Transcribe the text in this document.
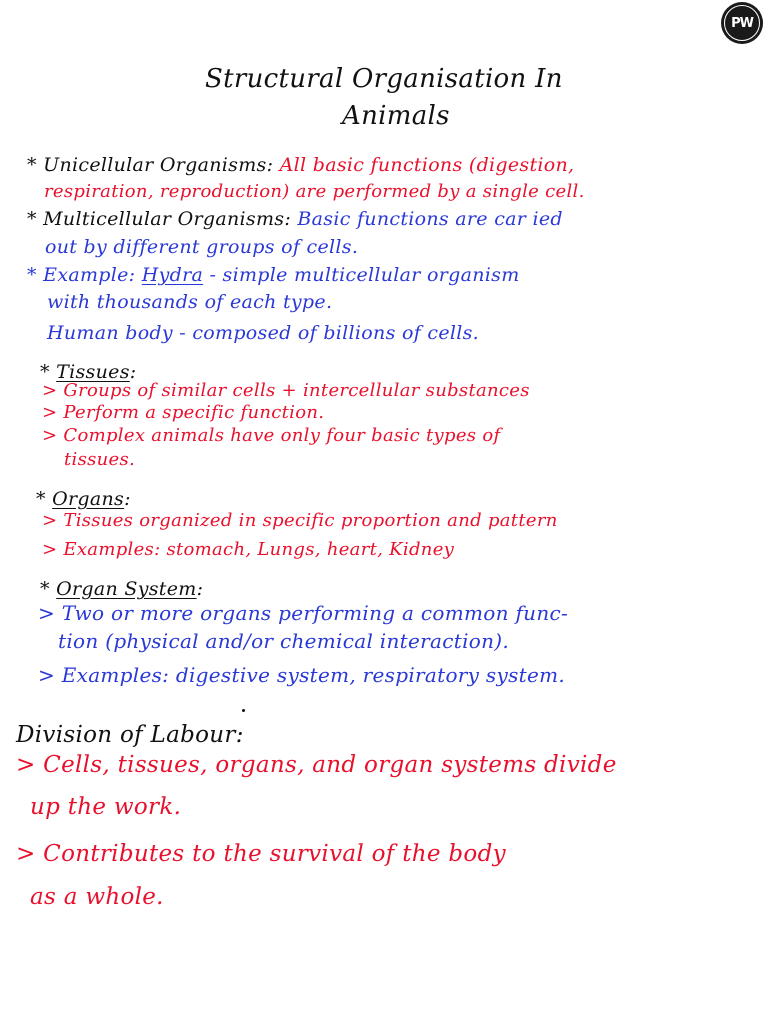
PW
Structural Organisation In
Animals
* Unicellular Organisms: All basic functions (digestion,
respiration, reproduction) are performed by a single cell.
* Multicellular Organisms: Basic functions are car ied
out by different groups of cells.
* Example: Hydra - simple multicellular organism
with thousands of each type.
Human body - composed of billions of cells.
* Tissues:
> Groups of similar cells + intercellular substances
> Perform a specific function.
> Complex animals have only four basic types of
tissues.
* Organs:
> Tissues organized in specific proportion and pattern
> Examples: stomach, Lungs, heart, Kidney
* Organ System:
> Two or more organs performing a common func-
tion (physical and/or chemical interaction).
> Examples: digestive system, respiratory system.
Division of Labour:
> Cells, tissues, organs, and organ systems divide
up the work.
> Contributes to the survival of the body
as a whole.
